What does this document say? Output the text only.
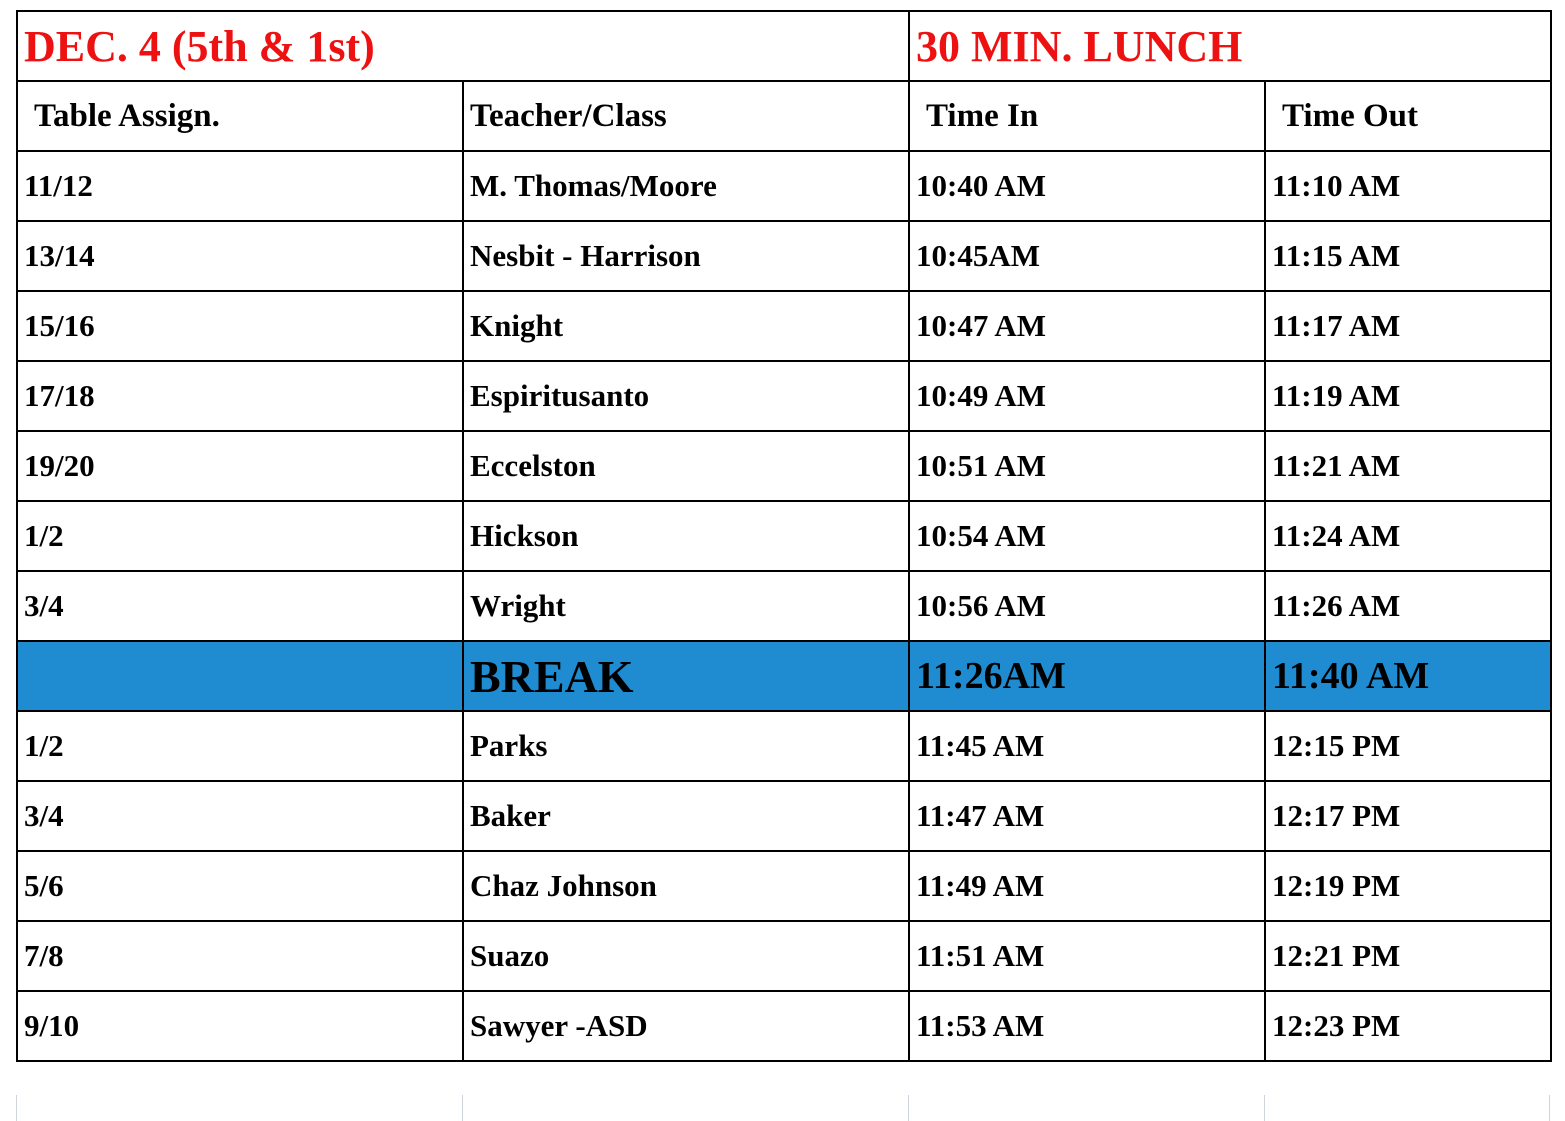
DEC. 4 (5th & 1st)		30 MIN. LUNCH	
Table Assign.	Teacher/Class	Time In	Time Out
11/12	M. Thomas/Moore	10:40 AM	11:10 AM
13/14	Nesbit - Harrison	10:45AM	11:15 AM
15/16	Knight	10:47 AM	11:17 AM
17/18	Espiritusanto	10:49 AM	11:19 AM
19/20	Eccelston	10:51 AM	11:21 AM
1/2	Hickson	10:54 AM	11:24 AM
3/4	Wright	10:56 AM	11:26 AM
	BREAK	11:26AM	11:40 AM
1/2	Parks	11:45 AM	12:15 PM
3/4	Baker	11:47 AM	12:17 PM
5/6	Chaz Johnson	11:49 AM	12:19 PM
7/8	Suazo	11:51 AM	12:21 PM
9/10	Sawyer -ASD	11:53 AM	12:23 PM
